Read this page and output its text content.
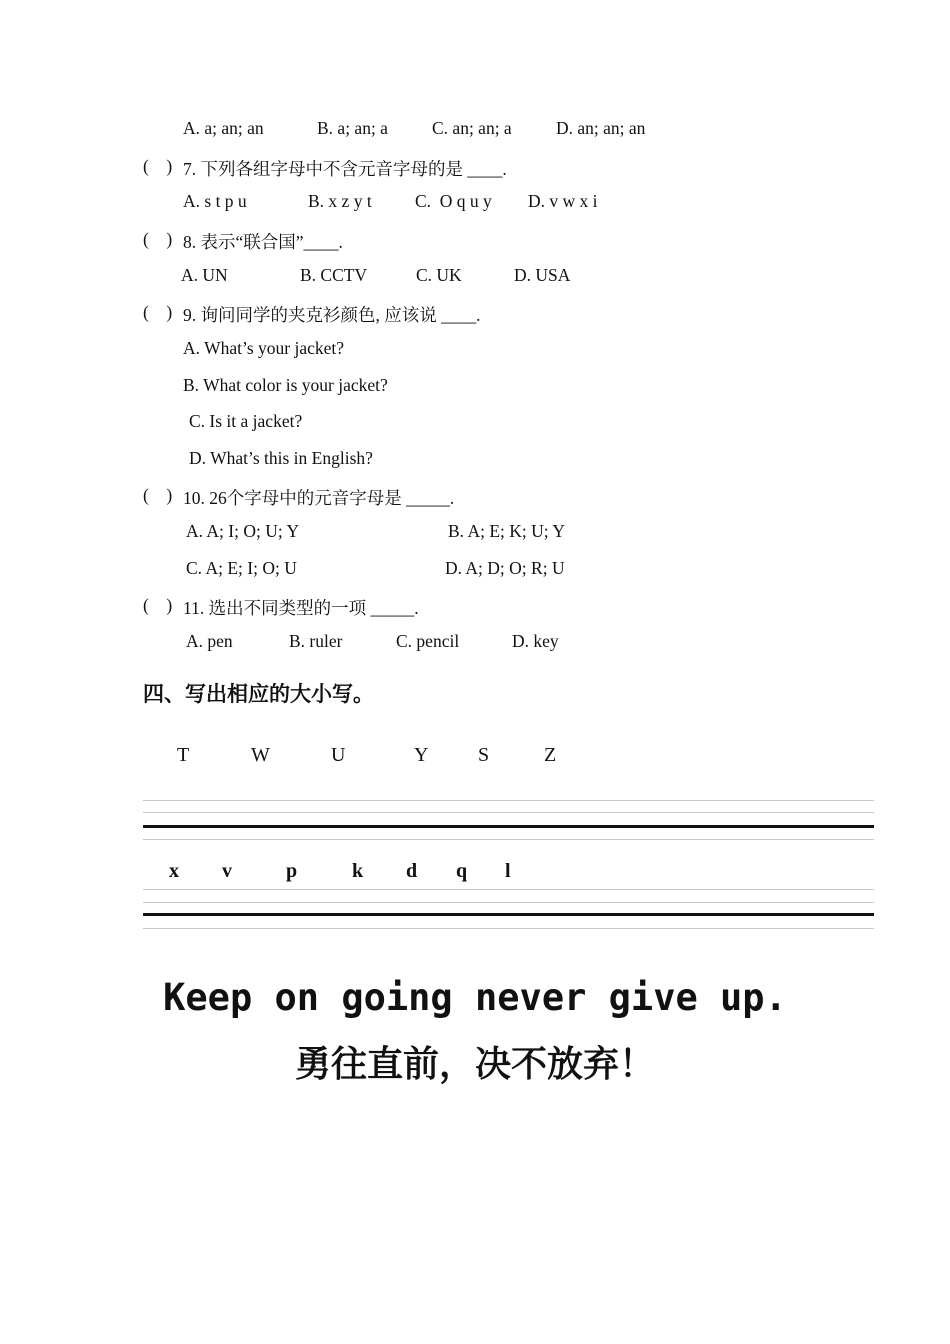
A. a; an; an	B. a; an; a	C. an; an; a	D. an; an; an
(    ) 7. 下列各组字母中不含元音字母的是 ____.
A. s t p u	B. x z y t C.  O q u y D. v w x i
(    ) 8. 表示“联合国”____.
A. UN	B. CCTV	C. UK	D. USA
(    ) 9. 询问同学的夹克衫颜色, 应该说 ____.
A. What’s your jacket?
B. What color is your jacket?
C. Is it a jacket?
D. What’s this in English?
(    ) 10. 26个字母中的元音字母是 _____.
A. A; I; O; U; Y	B. A; E; K; U; Y
C. A; E; I; O; U	D. A; D; O; R; U
(    ) 11. 选出不同类型的一项 _____.
A. pen	B. ruler	C. pencil	D. key
四、写出相应的大小写。
T	W	U	Y S	Z
x v	p	k d q l
Keep on going never give up.
勇往直前，决不放弃！
